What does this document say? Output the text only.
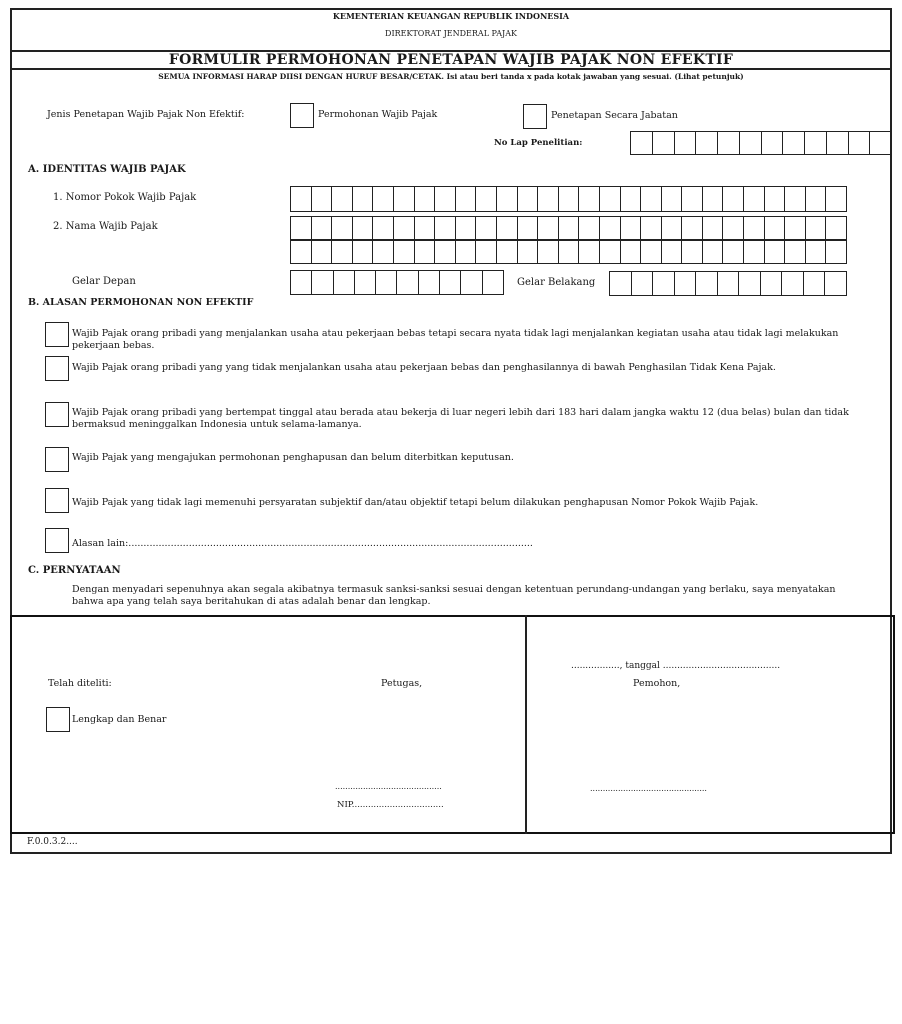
KEMENTERIAN KEUANGAN REPUBLIK INDONESIA
DIREKTORAT JENDERAL PAJAK
FORMULIR PERMOHONAN PENETAPAN WAJIB PAJAK NON EFEKTIF
SEMUA INFORMASI HARAP DIISI DENGAN HURUF BESAR/CETAK. Isi atau beri tanda x pada kotak jawaban yang sesuai. (Lihat petunjuk)
Jenis Penetapan Wajib Pajak Non Efektif:	Permohonan Wajib Pajak	Penetapan Secara Jabatan
No Lap Penelitian:
A. IDENTITAS WAJIB PAJAK
1. Nomor Pokok Wajib Pajak
2. Nama Wajib Pajak
Gelar Depan	Gelar Belakang
B. ALASAN PERMOHONAN NON EFEKTIF
Wajib Pajak orang pribadi yang menjalankan usaha atau pekerjaan bebas tetapi secara nyata tidak lagi menjalankan kegiatan usaha atau tidak lagi melakukan pekerjaan bebas.
Wajib Pajak orang pribadi yang yang tidak menjalankan usaha atau pekerjaan bebas dan penghasilannya di bawah Penghasilan Tidak Kena Pajak.
Wajib Pajak orang pribadi yang bertempat tinggal atau berada atau bekerja di luar negeri lebih dari 183 hari dalam jangka waktu 12 (dua belas) bulan dan tidak bermaksud meninggalkan Indonesia untuk selama-lamanya.
Wajib Pajak yang mengajukan permohonan penghapusan dan belum diterbitkan keputusan.
Wajib Pajak yang tidak lagi memenuhi persyaratan subjektif dan/atau objektif tetapi belum dilakukan penghapusan Nomor Pokok Wajib Pajak.
Alasan lain:......................................................................................................................................
C. PERNYATAAN
Dengan menyadari sepenuhnya akan segala akibatnya termasuk sanksi-sanksi sesuai dengan ketentuan perundang-undangan yang berlaku, saya menyatakan bahwa apa yang telah saya beritahukan di atas adalah benar dan lengkap.
Telah diteliti:	Petugas,
Lengkap dan Benar
..........................................
NIP..................................
................., tanggal .........................................
Pemohon,
..............................................
F.0.0.3.2....
